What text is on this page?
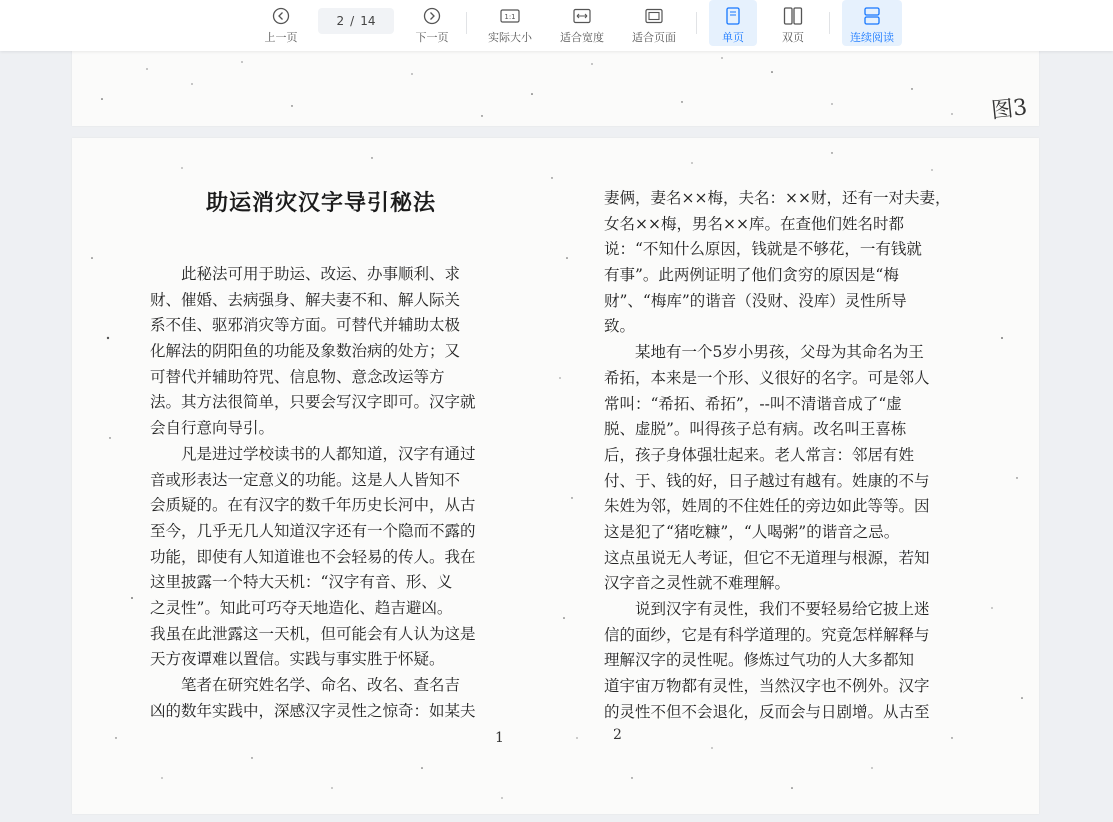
上一页
2 / 14
下一页
1:1
实际大小	适合宽度	适合页面	单页	双页	连续阅读
图3
助运消灾汉字导引秘法
　　此秘法可用于助运、改运、办事顺利、求
财、催婚、去病强身、解夫妻不和、解人际关
系不佳、驱邪消灾等方面。可替代并辅助太极
化解法的阴阳鱼的功能及象数治病的处方；又
可替代并辅助符咒、信息物、意念改运等方
法。其方法很简单，只要会写汉字即可。汉字就
会自行意向导引。
　　凡是进过学校读书的人都知道，汉字有通过
音或形表达一定意义的功能。这是人人皆知不
会质疑的。在有汉字的数千年历史长河中，从古
至今，几乎无几人知道汉字还有一个隐而不露的
功能，即使有人知道谁也不会轻易的传人。我在
这里披露一个特大天机：“汉字有音、形、义
之灵性”。知此可巧夺天地造化、趋吉避凶。
我虽在此泄露这一天机，但可能会有人认为这是
天方夜谭难以置信。实践与事实胜于怀疑。
　　笔者在研究姓名学、命名、改名、查名吉
凶的数年实践中，深感汉字灵性之惊奇：如某夫
妻俩，妻名××梅，夫名：××财，还有一对夫妻，
女名××梅，男名××库。在查他们姓名时都
说：“不知什么原因，钱就是不够花，一有钱就
有事”。此两例证明了他们贪穷的原因是“梅
财”、“梅库”的谐音（没财、没库）灵性所导
致。
　　某地有一个5岁小男孩，父母为其命名为王
希拓，本来是一个形、义很好的名字。可是邻人
常叫：“希拓、希拓”，--叫不清谐音成了“虚
脱、虚脱”。叫得孩子总有病。改名叫王喜栋
后，孩子身体强壮起来。老人常言：邻居有姓
付、于、钱的好，日子越过有越有。姓康的不与
朱姓为邻，姓周的不住姓任的旁边如此等等。因
这是犯了“猪吃糠”，“人喝粥”的谐音之忌。
这点虽说无人考证，但它不无道理与根源，若知
汉字音之灵性就不难理解。
　　说到汉字有灵性，我们不要轻易给它披上迷
信的面纱，它是有科学道理的。究竟怎样解释与
理解汉字的灵性呢。修炼过气功的人大多都知
道宇宙万物都有灵性，当然汉字也不例外。汉字
的灵性不但不会退化，反而会与日剧增。从古至
1	2
